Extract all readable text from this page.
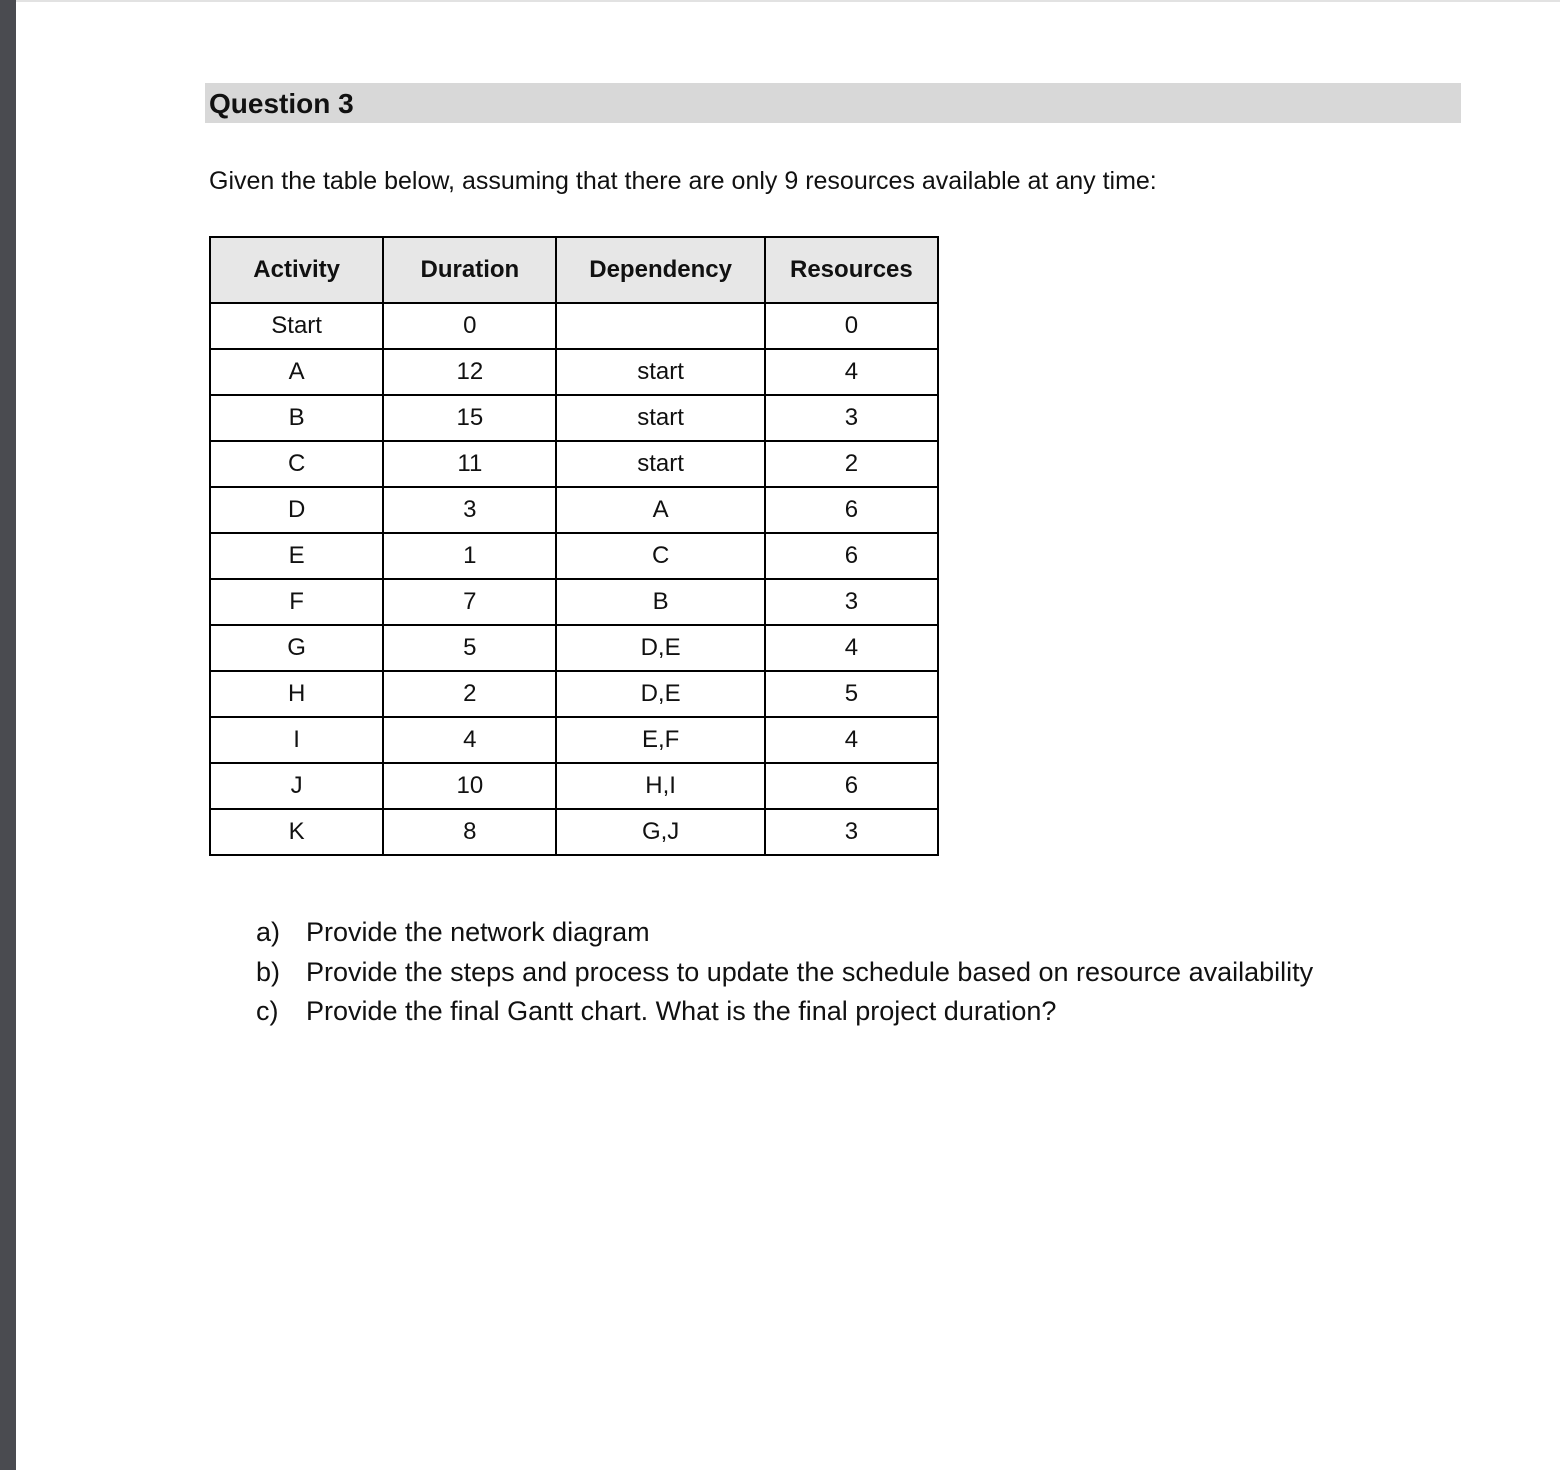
Question 3
Given the table below, assuming that there are only 9 resources available at any time:
Activity	Duration	Dependency	Resources
Start	0		0
A	12	start	4
B	15	start	3
C	11	start	2
D	3	A	6
E	1	C	6
F	7	B	3
G	5	D,E	4
H	2	D,E	5
I	4	E,F	4
J	10	H,I	6
K	8	G,J	3
a) Provide the network diagram
b) Provide the steps and process to update the schedule based on resource availability
c) Provide the final Gantt chart. What is the final project duration?
